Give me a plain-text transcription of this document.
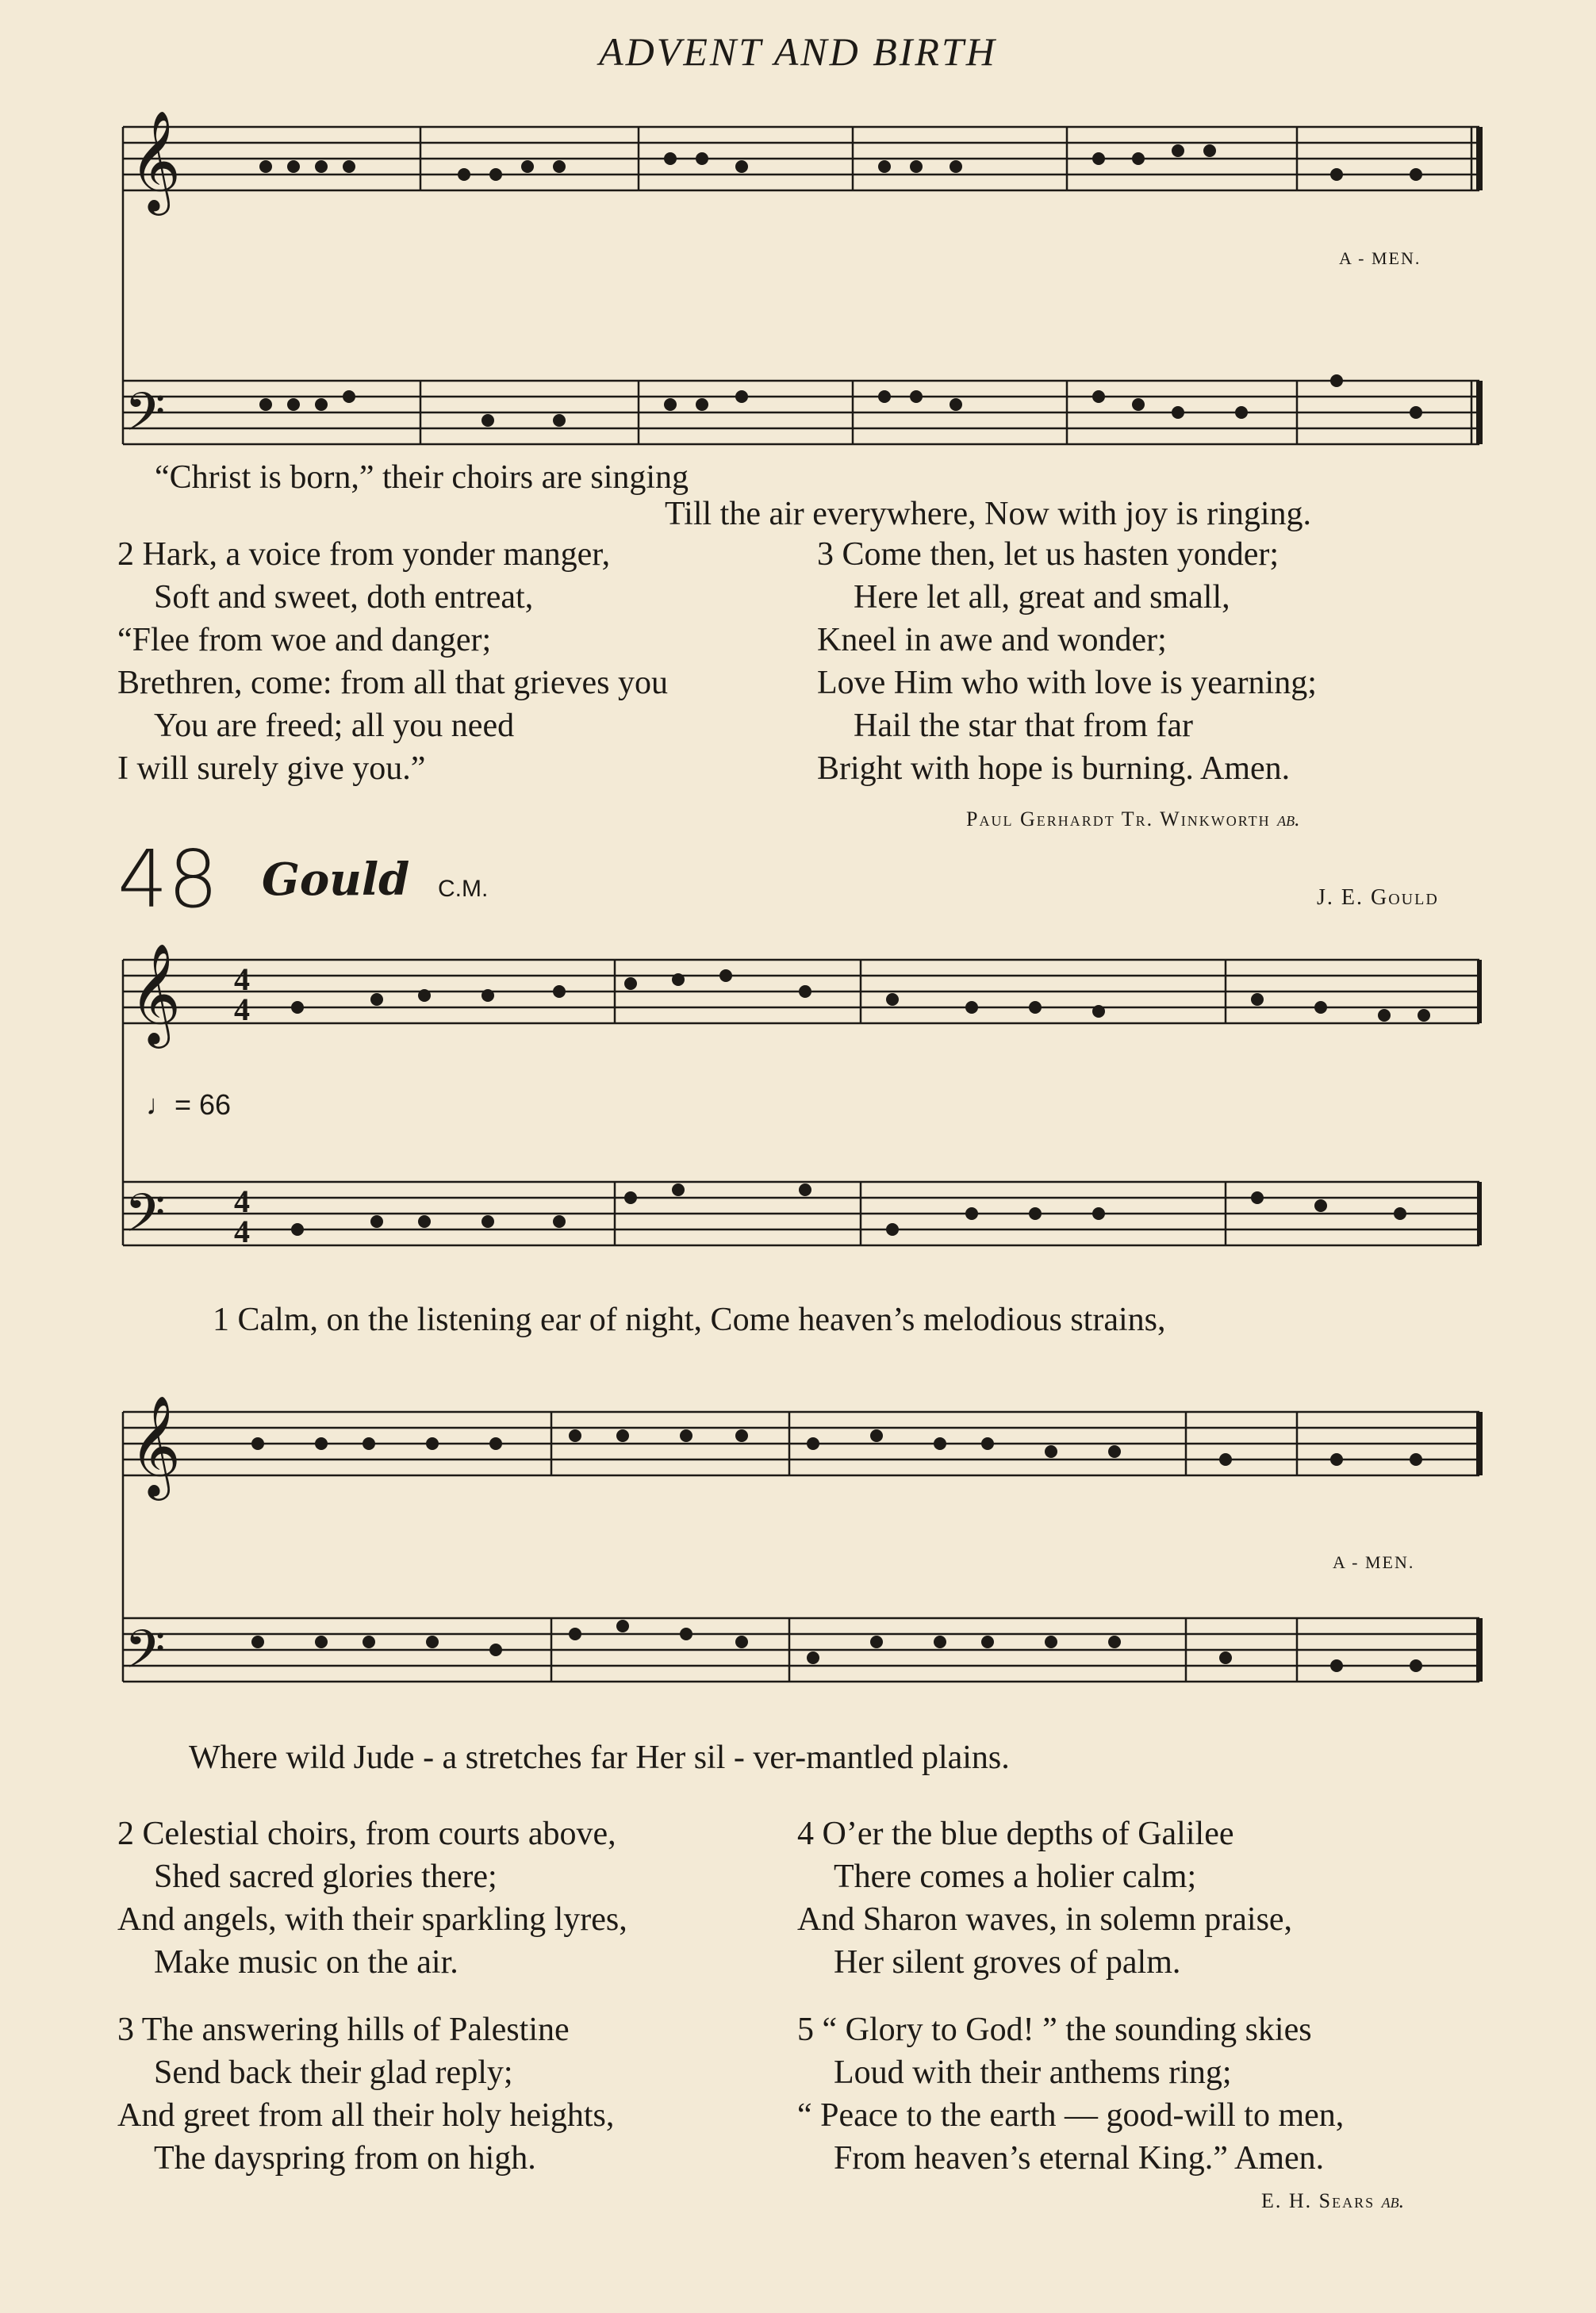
ADVENT AND BIRTH
𝄞
𝄢
A - MEN.
“Christ is born,” their choirs are singing
Till the air everywhere, Now with joy is ringing.
2 Hark, a voice from yonder manger,
Soft and sweet, doth entreat,
“Flee from woe and danger;
Brethren, come: from all that grieves you
You are freed; all you need
I will surely give you.”
3 Come then, let us hasten yonder;
Here let all, great and small,
Kneel in awe and wonder;
Love Him who with love is yearning;
Hail the star that from far
Bright with hope is burning. Amen.
Paul Gerhardt Tr. Winkworth ab.
48 Gould C.M.	J. E. Gould
𝄞
𝄢
4
4
4
4
♩= 66
1 Calm, on the listening ear of night, Come heaven’s melodious strains,
𝄞
𝄢
A - MEN.
Where wild Jude - a stretches far Her sil - ver-mantled plains.
2 Celestial choirs, from courts above,
Shed sacred glories there;
And angels, with their sparkling lyres,
Make music on the air.
4 O’er the blue depths of Galilee
There comes a holier calm;
And Sharon waves, in solemn praise,
Her silent groves of palm.
3 The answering hills of Palestine
Send back their glad reply;
And greet from all their holy heights,
The dayspring from on high.
5 “ Glory to God! ” the sounding skies
Loud with their anthems ring;
“ Peace to the earth — good-will to men,
From heaven’s eternal King.” Amen.
E. H. Sears ab.
